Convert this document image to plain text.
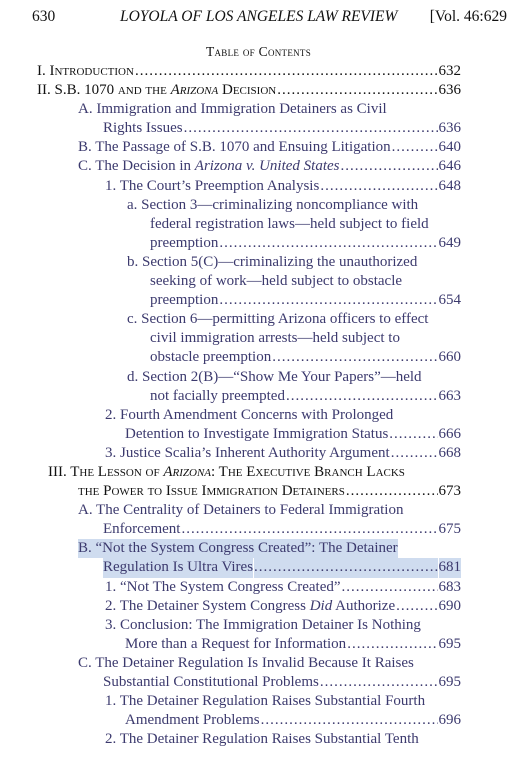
630	LOYOLA OF LOS ANGELES LAW REVIEW [Vol. 46:629
Table of Contents
I. Introduction .....	632
II. S.B. 1070 and the Arizona Decision .....	636
A. Immigration and Immigration Detainers as Civil
Rights Issues .....	636
B. The Passage of S.B. 1070 and Ensuing Litigation .....	640
C. The Decision in Arizona v. United States .....	646
1. The Court’s Preemption Analysis .....	648
a. Section 3—criminalizing noncompliance with
federal registration laws—held subject to field
preemption .....	649
b. Section 5(C)—criminalizing the unauthorized
seeking of work—held subject to obstacle
preemption .....	654
c. Section 6—permitting Arizona officers to effect
civil immigration arrests—held subject to
obstacle preemption .....	660
d. Section 2(B)—“Show Me Your Papers”—held
not facially preempted .....	663
2. Fourth Amendment Concerns with Prolonged
Detention to Investigate Immigration Status .....	666
3. Justice Scalia’s Inherent Authority Argument .....	668
III. The Lesson of Arizona: The Executive Branch Lacks
the Power to Issue Immigration Detainers .....	673
A. The Centrality of Detainers to Federal Immigration
Enforcement .....	675
B. “Not the System Congress Created”: The Detainer
Regulation Is Ultra Vires .....	681
1. “Not The System Congress Created” .....	683
2. The Detainer System Congress Did Authorize .....	690
3. Conclusion: The Immigration Detainer Is Nothing
More than a Request for Information .....	695
C. The Detainer Regulation Is Invalid Because It Raises
Substantial Constitutional Problems .....	695
1. The Detainer Regulation Raises Substantial Fourth
Amendment Problems .....	696
2. The Detainer Regulation Raises Substantial Tenth
